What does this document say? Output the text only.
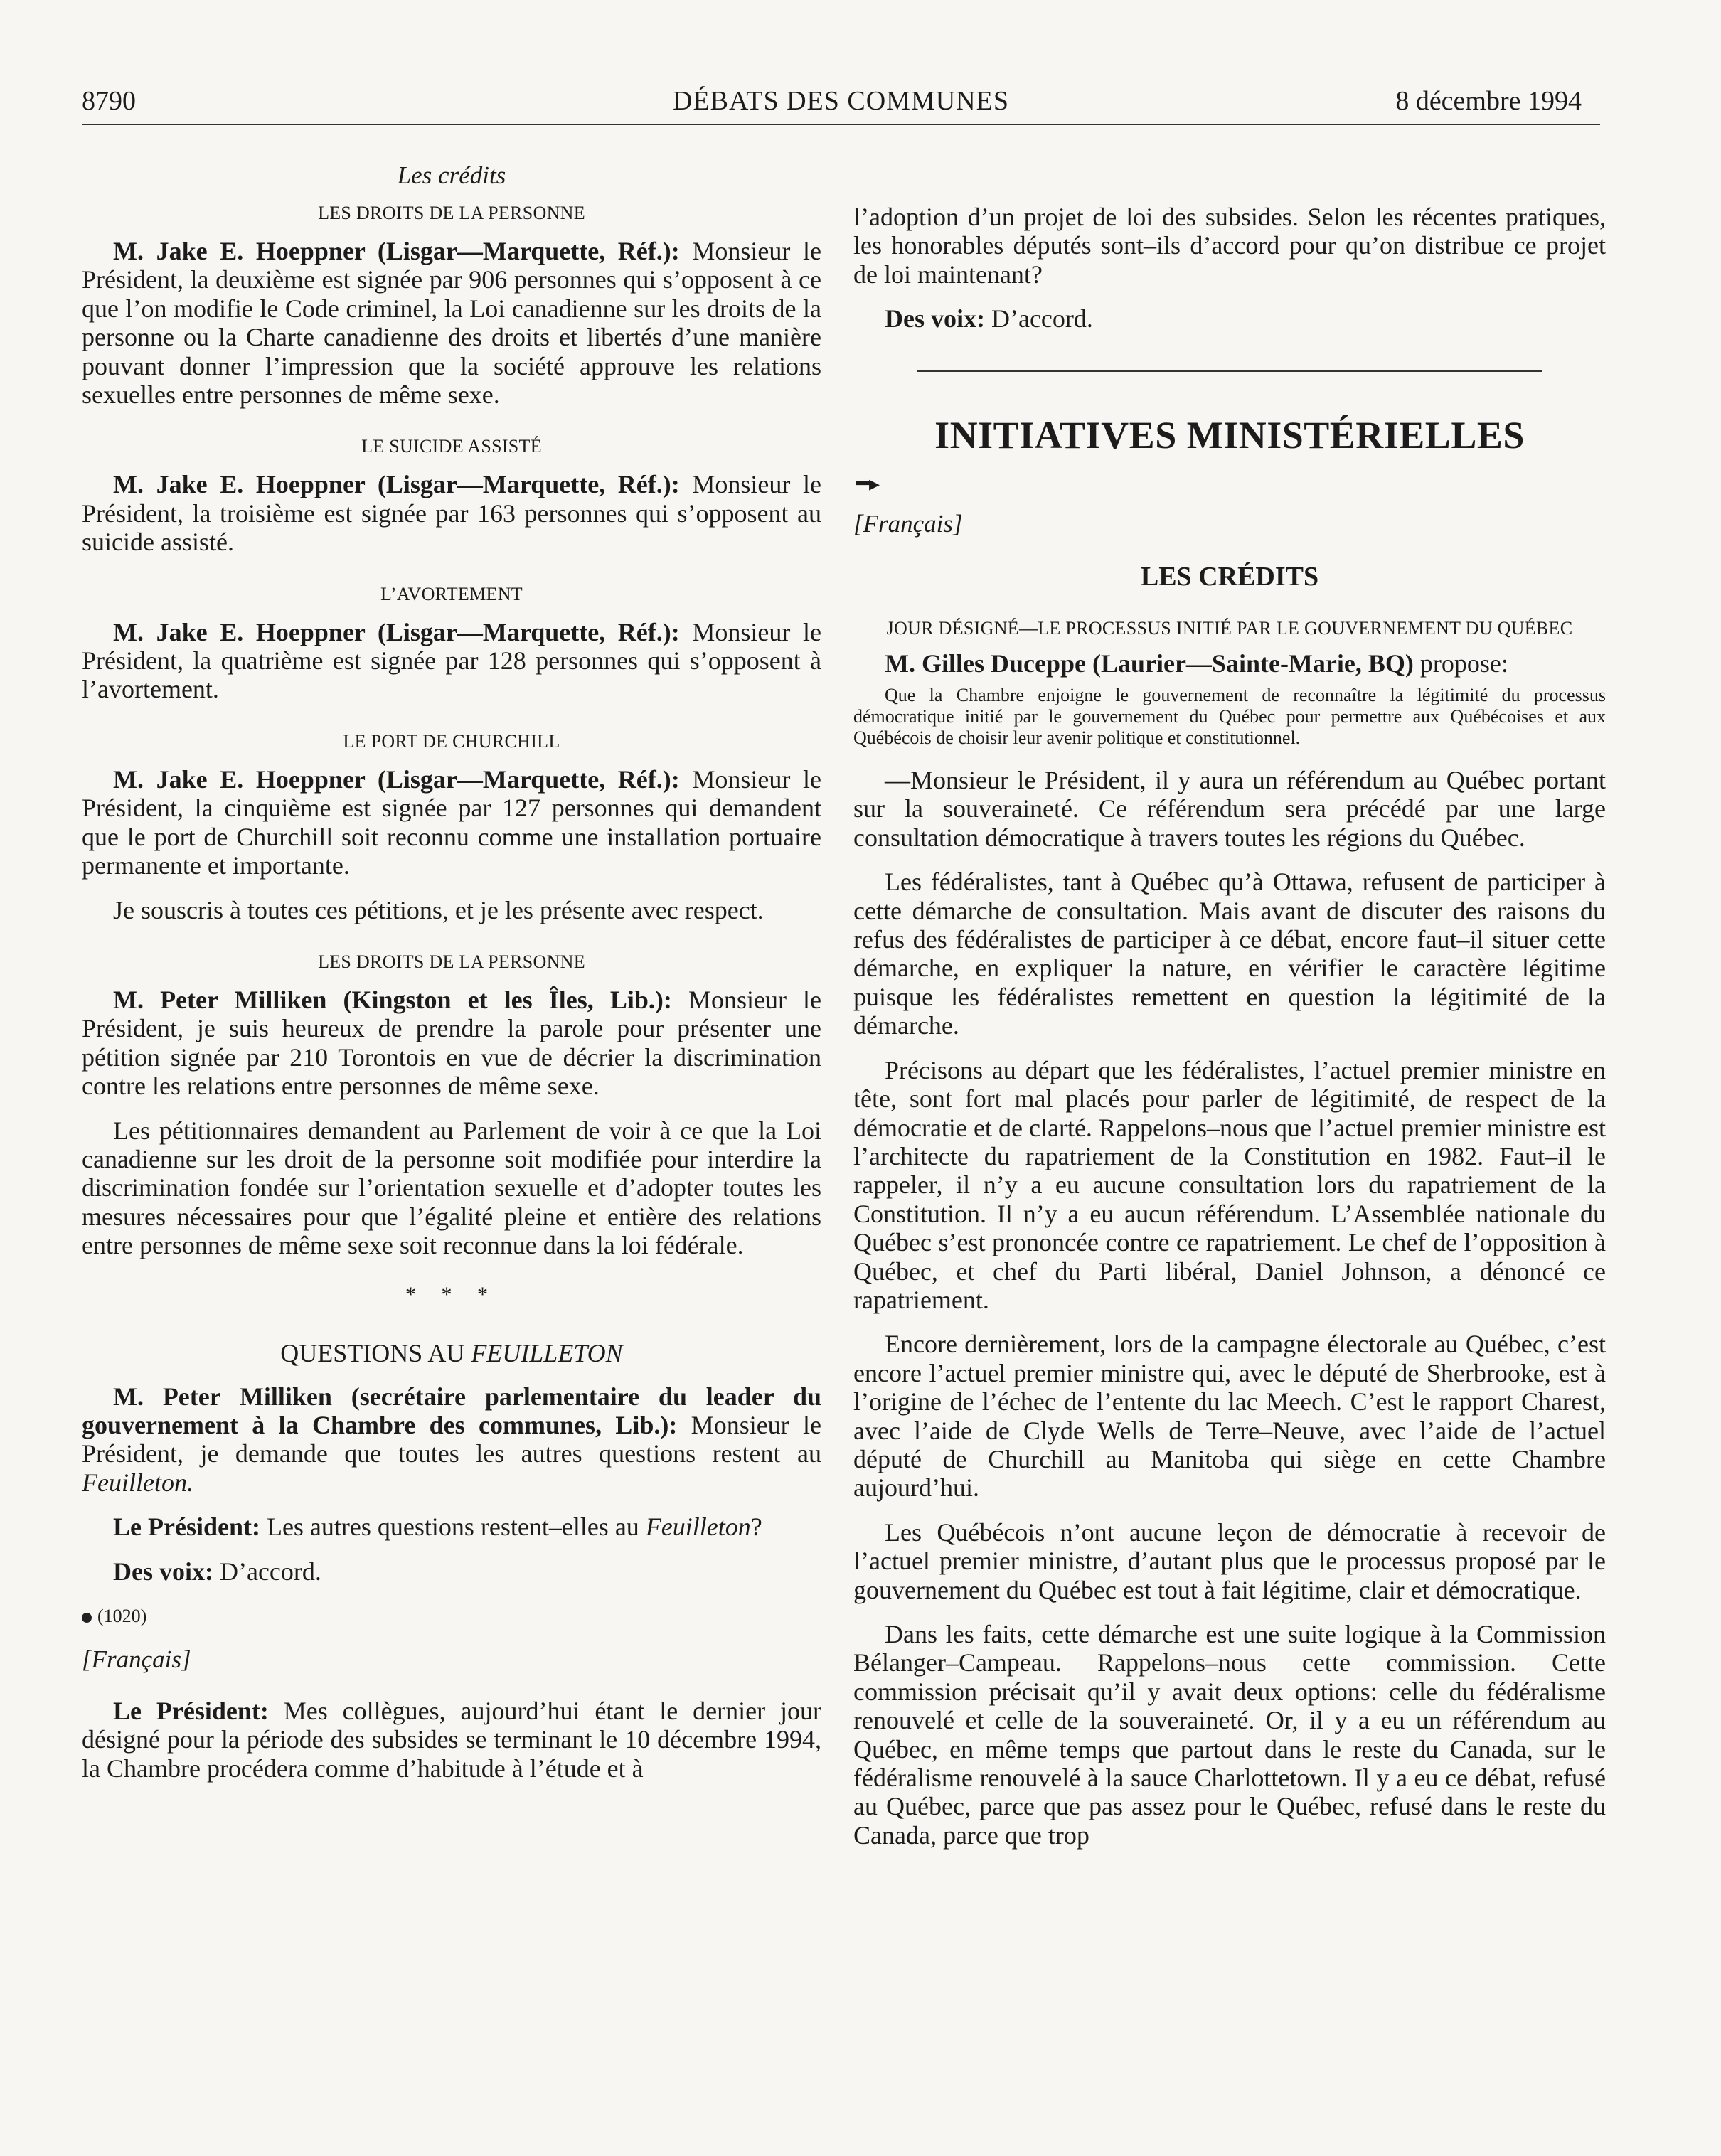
8790	DÉBATS DES COMMUNES	8 décembre 1994
Les crédits
LES DROITS DE LA PERSONNE

M. Jake E. Hoeppner (Lisgar—Marquette, Réf.): Monsieur le Président, la deuxième est signée par 906 personnes qui s’opposent à ce que l’on modifie le Code criminel, la Loi canadienne sur les droits de la personne ou la Charte canadienne des droits et libertés d’une manière pouvant donner l’impression que la société approuve les relations sexuelles entre personnes de même sexe.

LE SUICIDE ASSISTÉ

M. Jake E. Hoeppner (Lisgar—Marquette, Réf.): Monsieur le Président, la troisième est signée par 163 personnes qui s’opposent au suicide assisté.

L’AVORTEMENT

M. Jake E. Hoeppner (Lisgar—Marquette, Réf.): Monsieur le Président, la quatrième est signée par 128 personnes qui s’opposent à l’avortement.

LE PORT DE CHURCHILL

M. Jake E. Hoeppner (Lisgar—Marquette, Réf.): Monsieur le Président, la cinquième est signée par 127 personnes qui demandent que le port de Churchill soit reconnu comme une installation portuaire permanente et importante.

Je souscris à toutes ces pétitions, et je les présente avec respect.

LES DROITS DE LA PERSONNE

M. Peter Milliken (Kingston et les Îles, Lib.): Monsieur le Président, je suis heureux de prendre la parole pour présenter une pétition signée par 210 Torontois en vue de décrier la discrimination contre les relations entre personnes de même sexe.

Les pétitionnaires demandent au Parlement de voir à ce que la Loi canadienne sur les droit de la personne soit modifiée pour interdire la discrimination fondée sur l’orientation sexuelle et d’adopter toutes les mesures nécessaires pour que l’égalité pleine et entière des relations entre personnes de même sexe soit reconnue dans la loi fédérale.

* * *
QUESTIONS AU FEUILLETON

M. Peter Milliken (secrétaire parlementaire du leader du gouvernement à la Chambre des communes, Lib.): Monsieur le Président, je demande que toutes les autres questions restent au Feuilleton.

Le Président: Les autres questions restent–elles au Feuilleton?

Des voix: D’accord.

(1020)
[Français]

Le Président: Mes collègues, aujourd’hui étant le dernier jour désigné pour la période des subsides se terminant le 10 décembre 1994, la Chambre procédera comme d’habitude à l’étude et à

l’adoption d’un projet de loi des subsides. Selon les récentes pratiques, les honorables députés sont–ils d’accord pour qu’on distribue ce projet de loi maintenant?

Des voix: D’accord.

INITIATIVES MINISTÉRIELLES
━▸
[Français]
LES CRÉDITS
JOUR DÉSIGNÉ—LE PROCESSUS INITIÉ PAR LE GOUVERNEMENT DU QUÉBEC

M. Gilles Duceppe (Laurier—Sainte-Marie, BQ) propose:

Que la Chambre enjoigne le gouvernement de reconnaître la légitimité du processus démocratique initié par le gouvernement du Québec pour permettre aux Québécoises et aux Québécois de choisir leur avenir politique et constitutionnel.

—Monsieur le Président, il y aura un référendum au Québec portant sur la souveraineté. Ce référendum sera précédé par une large consultation démocratique à travers toutes les régions du Québec.

Les fédéralistes, tant à Québec qu’à Ottawa, refusent de participer à cette démarche de consultation. Mais avant de discuter des raisons du refus des fédéralistes de participer à ce débat, encore faut–il situer cette démarche, en expliquer la nature, en vérifier le caractère légitime puisque les fédéralistes remettent en question la légitimité de la démarche.

Précisons au départ que les fédéralistes, l’actuel premier ministre en tête, sont fort mal placés pour parler de légitimité, de respect de la démocratie et de clarté. Rappelons–nous que l’actuel premier ministre est l’architecte du rapatriement de la Constitution en 1982. Faut–il le rappeler, il n’y a eu aucune consultation lors du rapatriement de la Constitution. Il n’y a eu aucun référendum. L’Assemblée nationale du Québec s’est prononcée contre ce rapatriement. Le chef de l’opposition à Québec, et chef du Parti libéral, Daniel Johnson, a dénoncé ce rapatriement.

Encore dernièrement, lors de la campagne électorale au Québec, c’est encore l’actuel premier ministre qui, avec le député de Sherbrooke, est à l’origine de l’échec de l’entente du lac Meech. C’est le rapport Charest, avec l’aide de Clyde Wells de Terre–Neuve, avec l’aide de l’actuel député de Churchill au Manitoba qui siège en cette Chambre aujourd’hui.

Les Québécois n’ont aucune leçon de démocratie à recevoir de l’actuel premier ministre, d’autant plus que le processus proposé par le gouvernement du Québec est tout à fait légitime, clair et démocratique.

Dans les faits, cette démarche est une suite logique à la Commission Bélanger–Campeau. Rappelons–nous cette commission. Cette commission précisait qu’il y avait deux options: celle du fédéralisme renouvelé et celle de la souveraineté. Or, il y a eu un référendum au Québec, en même temps que partout dans le reste du Canada, sur le fédéralisme renouvelé à la sauce Charlottetown. Il y a eu ce débat, refusé au Québec, parce que pas assez pour le Québec, refusé dans le reste du Canada, parce que trop
